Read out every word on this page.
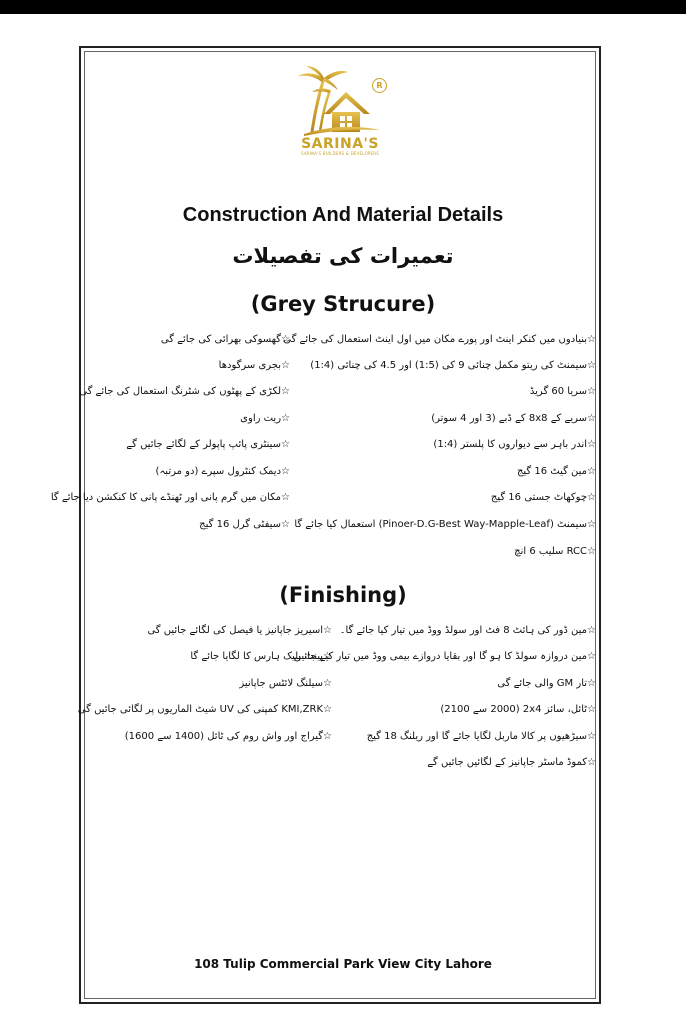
R
SARINA'S
SARINA'S BUILDERS & DEVELOPERS
Construction And Material Details
تعمیرات کی تفصیلات
(Grey Strucure)
☆بنیادوں میں کنکر اینٹ اور پورے مکان میں اول اینٹ استعمال کی جائے گی
☆سیمنٹ کی ریتو مکمل چنائی 9 کی (1:5) اور 4.5 کی چنائی (1:4)
☆سریا 60 گریڈ
☆سریے کے 8x8 کے ڈبے (3 اور 4 سوتر)
☆اندر باہر سے دیواروں کا پلستر (1:4)
☆مین گیٹ 16 گیج
☆چوکھاٹ جستی 16 گیج
☆سیمنٹ (Pinoer-D.G-Best Way-Mapple-Leaf) استعمال کیا جائے گا
☆RCC سلیب 6 انچ
☆گھسوکی بھرائی کی جائے گی
☆بجری سرگودھا
☆لکڑی کے پھٹوں کی شٹرنگ استعمال کی جائے گی
☆ریت راوی
☆سینٹری پائپ پاپولر کے لگائے جائیں گے
☆دیمک کنٹرول سپرے (دو مرتبہ)
☆مکان میں گرم پانی اور ٹھنڈے پانی کا کنکشن دیا جائے گا
☆سیفٹی گرل 16 گیج
(Finishing)
☆مین ڈور کی ہائٹ 8 فٹ اور سولڈ ووڈ میں تیار کیا جائے گا۔
☆مین دروازہ سولڈ کا ہو گا اور بقایا دروازے بیمی ووڈ میں تیار کیے جائیں
☆تار GM والی جائے گی
☆ٹائل، سائز 2x4 (2000 سے 2100)
☆سیڑھیوں پر کالا ماربل لگایا جائے گا اور ریلنگ 18 گیج
☆کموڈ ماسٹر جاپانیز کے لگائیں جائیں گے
☆اسیریز جاپانیز یا فیصل کی لگائے جائیں گی
☆پینٹ بلیک ہارس کا لگایا جائے گا
☆سیلنگ لائٹس جاپانیز
☆KMI,ZRK کمپنی کی UV شیٹ الماریوں پر لگائی جائیں گی
☆گیراج اور واش روم کی ٹائل (1400 سے 1600)
108 Tulip Commercial Park View City Lahore
